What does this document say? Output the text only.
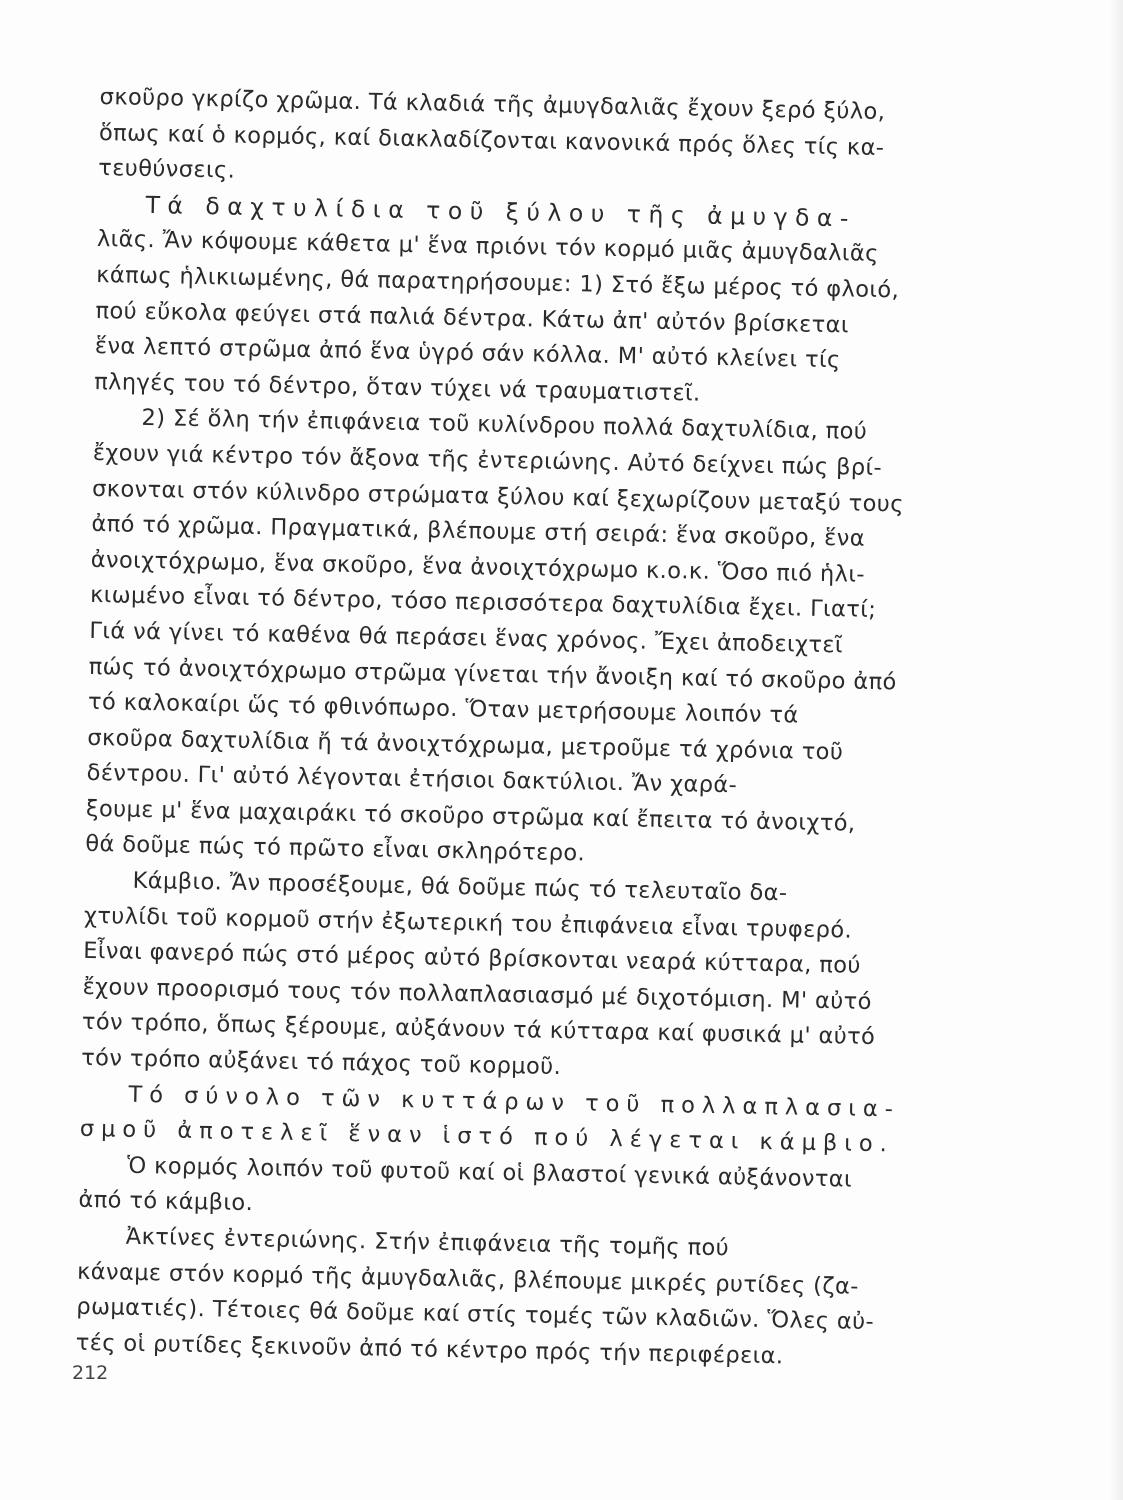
σκοῦρο γκρίζο χρῶμα. Τά κλαδιά τῆς ἀμυγδαλιᾶς ἔχουν ξερό ξύλο,
ὅπως καί ὁ κορμός, καί διακλαδίζονται κανονικά πρός ὅλες τίς κα-
τευθύνσεις.
Τά δαχτυλίδια τοῦ ξύλου τῆς ἀμυγδα-
λιᾶς. Ἄν κόψουμε κάθετα μ' ἕνα πριόνι τόν κορμό μιᾶς ἀμυγδαλιᾶς
κάπως ἡλικιωμένης, θά παρατηρήσουμε: 1) Στό ἔξω μέρος τό φλοιό,
πού εὔκολα φεύγει στά παλιά δέντρα. Κάτω ἀπ' αὐτόν βρίσκεται
ἕνα λεπτό στρῶμα ἀπό ἕνα ὑγρό σάν κόλλα. Μ' αὐτό κλείνει τίς
πληγές του τό δέντρο, ὅταν τύχει νά τραυματιστεῖ.
2) Σέ ὅλη τήν ἐπιφάνεια τοῦ κυλίνδρου πολλά δαχτυλίδια, πού
ἔχουν γιά κέντρο τόν ἄξονα τῆς ἐντεριώνης. Αὐτό δείχνει πώς βρί-
σκονται στόν κύλινδρο στρώματα ξύλου καί ξεχωρίζουν μεταξύ τους
ἀπό τό χρῶμα. Πραγματικά, βλέπουμε στή σειρά: ἕνα σκοῦρο, ἕνα
ἀνοιχτόχρωμο, ἕνα σκοῦρο, ἕνα ἀνοιχτόχρωμο κ.ο.κ. Ὅσο πιό ἡλι-
κιωμένο εἶναι τό δέντρο, τόσο περισσότερα δαχτυλίδια ἔχει. Γιατί;
Γιά νά γίνει τό καθένα θά περάσει ἕνας χρόνος. Ἔχει ἀποδειχτεῖ
πώς τό ἀνοιχτόχρωμο στρῶμα γίνεται τήν ἄνοιξη καί τό σκοῦρο ἀπό
τό καλοκαίρι ὥς τό φθινόπωρο. Ὅταν μετρήσουμε λοιπόν τά
σκοῦρα δαχτυλίδια ἤ τά ἀνοιχτόχρωμα, μετροῦμε τά χρόνια τοῦ
δέντρου. Γι' αὐτό λέγονται ἐτήσιοι δακτύλιοι. Ἄν χαρά-
ξουμε μ' ἕνα μαχαιράκι τό σκοῦρο στρῶμα καί ἔπειτα τό ἀνοιχτό,
θά δοῦμε πώς τό πρῶτο εἶναι σκληρότερο.
Κάμβιο. Ἄν προσέξουμε, θά δοῦμε πώς τό τελευταῖο δα-
χτυλίδι τοῦ κορμοῦ στήν ἐξωτερική του ἐπιφάνεια εἶναι τρυφερό.
Εἶναι φανερό πώς στό μέρος αὐτό βρίσκονται νεαρά κύτταρα, πού
ἔχουν προορισμό τους τόν πολλαπλασιασμό μέ διχοτόμιση. Μ' αὐτό
τόν τρόπο, ὅπως ξέρουμε, αὐξάνουν τά κύτταρα καί φυσικά μ' αὐτό
τόν τρόπο αὐξάνει τό πάχος τοῦ κορμοῦ.
Τό σύνολο τῶν κυττάρων τοῦ πολλαπλασια-
σμοῦ ἀποτελεῖ ἕναν ἱστό πού λέγεται κάμβιο.
Ὁ κορμός λοιπόν τοῦ φυτοῦ καί οἱ βλαστοί γενικά αὐξάνονται
ἀπό τό κάμβιο.
Ἀκτίνες ἐντεριώνης. Στήν ἐπιφάνεια τῆς τομῆς πού
κάναμε στόν κορμό τῆς ἀμυγδαλιᾶς, βλέπουμε μικρές ρυτίδες (ζα-
ρωματιές). Τέτοιες θά δοῦμε καί στίς τομές τῶν κλαδιῶν. Ὅλες αὐ-
τές οἱ ρυτίδες ξεκινοῦν ἀπό τό κέντρο πρός τήν περιφέρεια.
212
